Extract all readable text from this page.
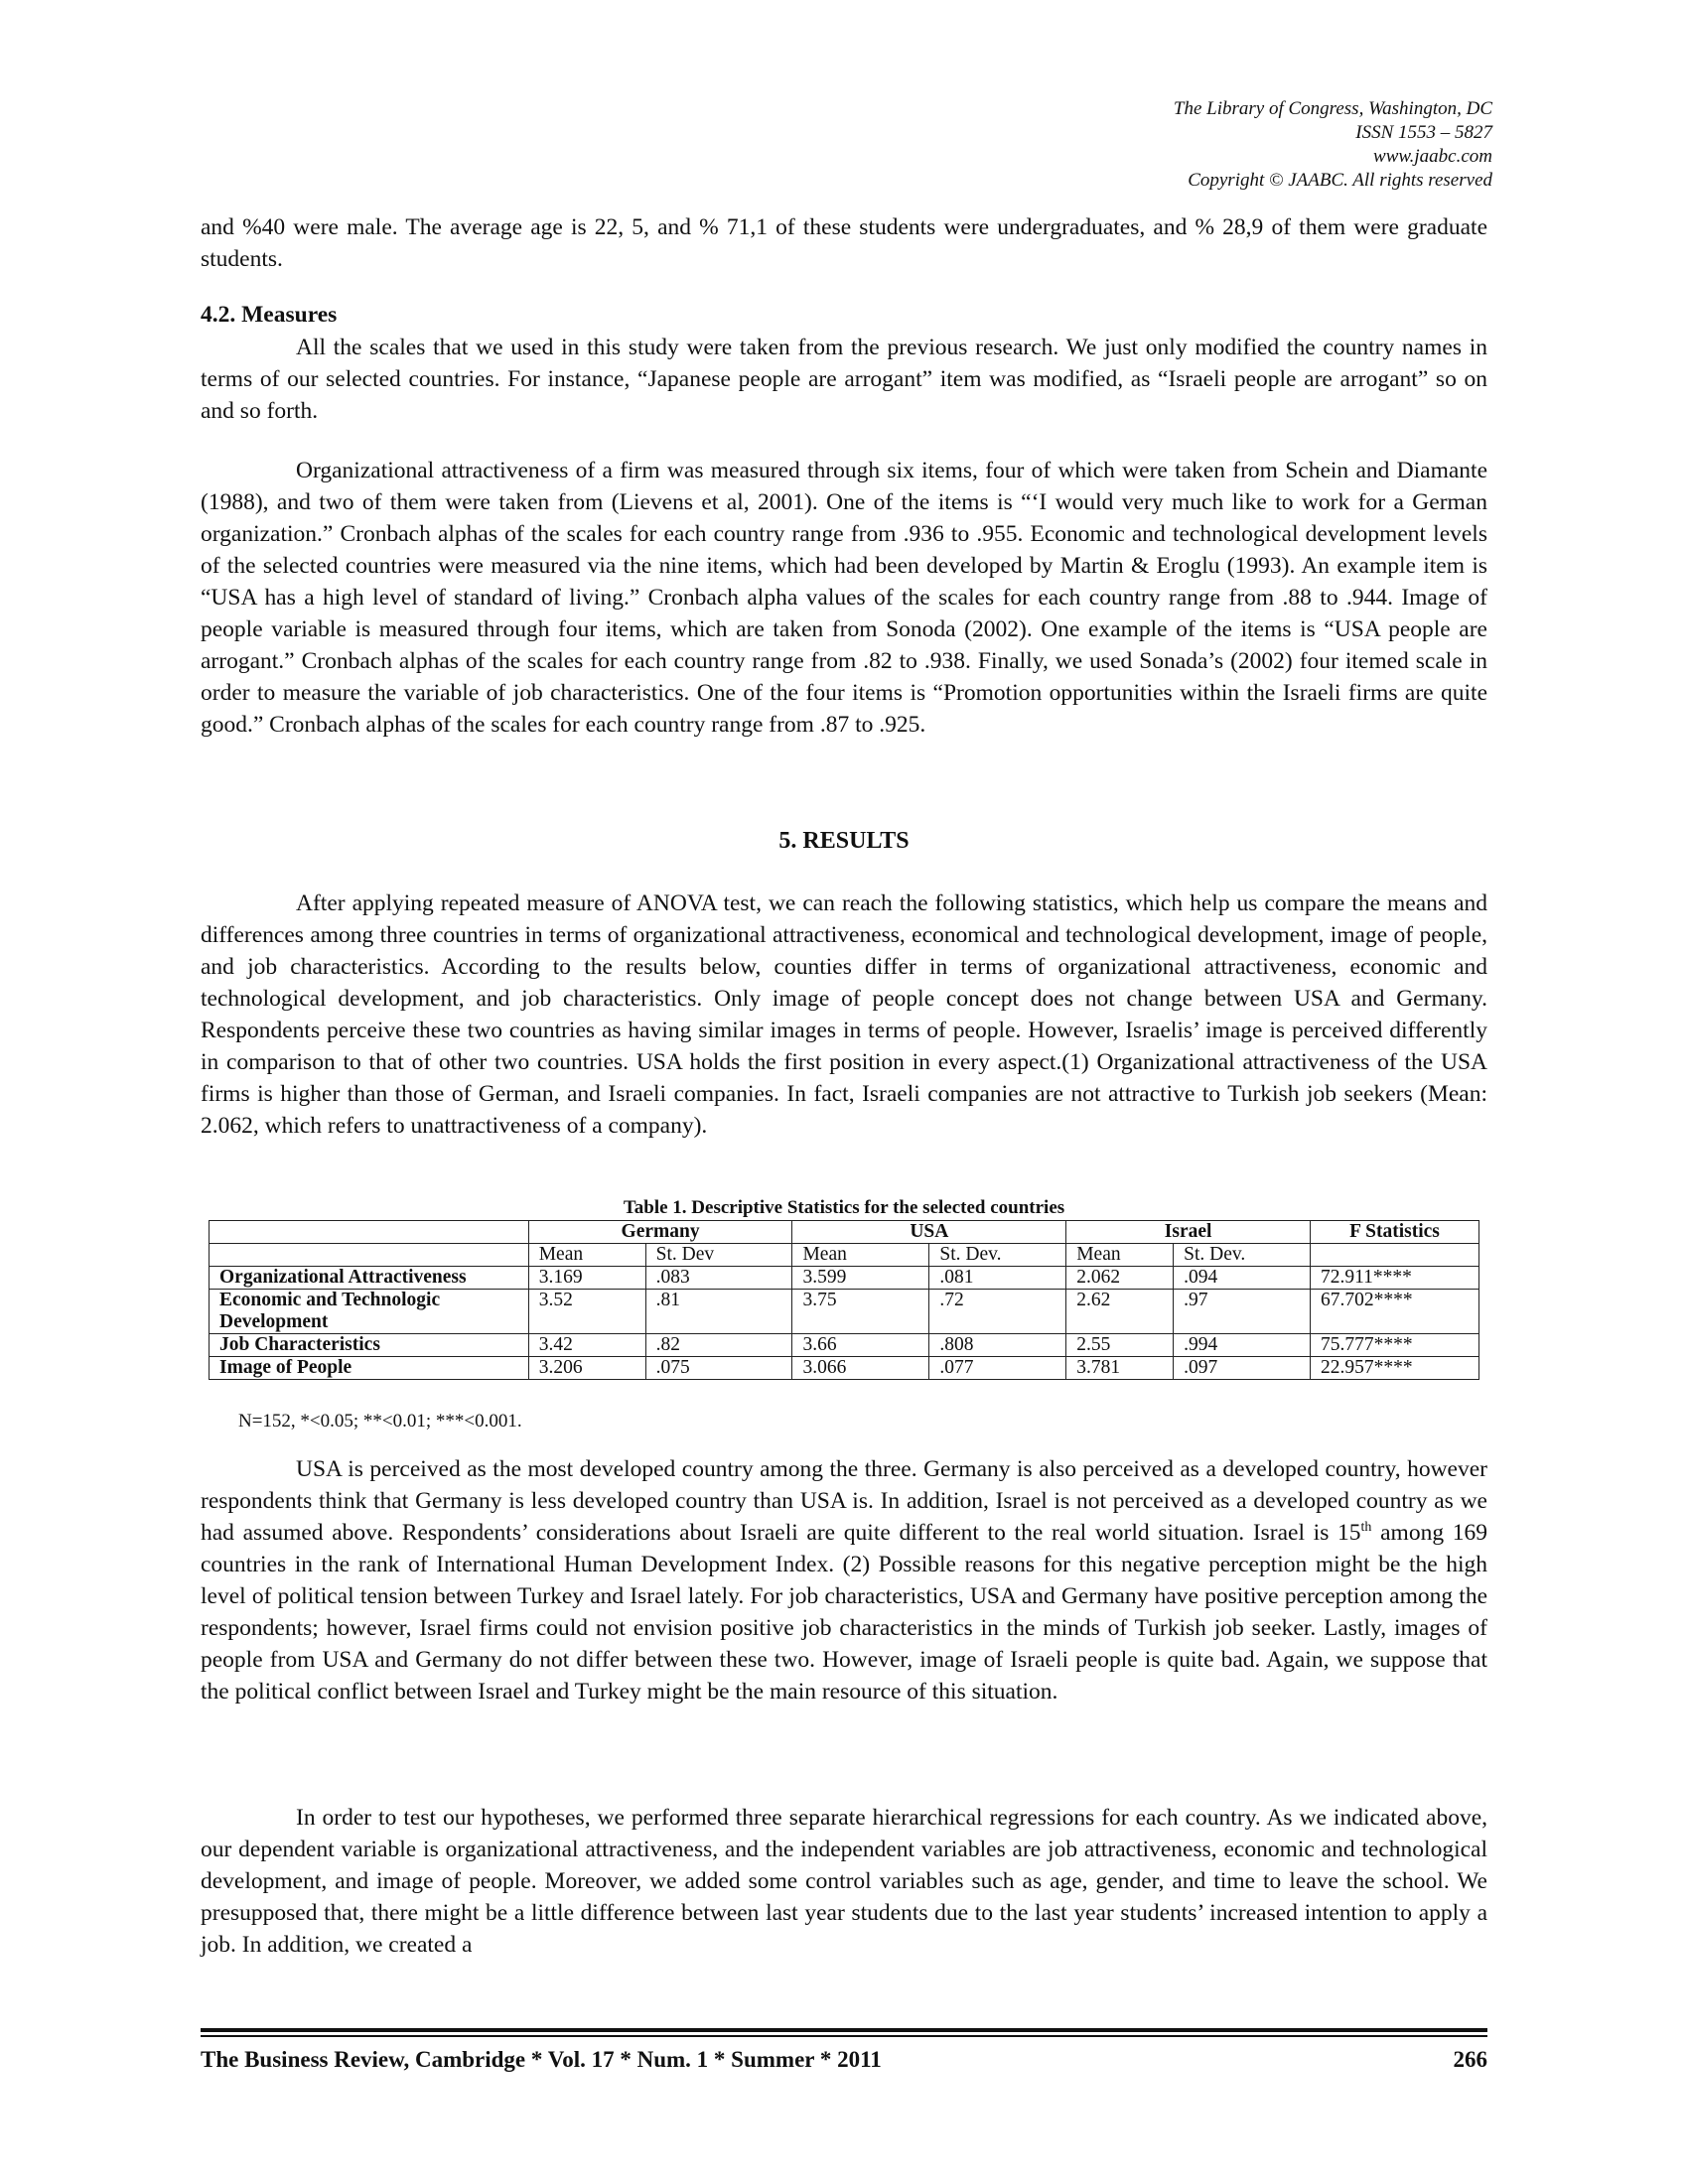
The Library of Congress, Washington, DC
ISSN 1553 – 5827
www.jaabc.com
Copyright © JAABC. All rights reserved

and %40 were male. The average age is 22, 5, and % 71,1 of these students were undergraduates, and % 28,9 of them were graduate students.

4.2. Measures

All the scales that we used in this study were taken from the previous research. We just only modified the country names in terms of our selected countries. For instance, “Japanese people are arrogant” item was modified, as “Israeli people are arrogant” so on and so forth.

Organizational attractiveness of a firm was measured through six items, four of which were taken from Schein and Diamante (1988), and two of them were taken from (Lievens et al, 2001). One of the items is “‘I would very much like to work for a German organization.” Cronbach alphas of the scales for each country range from .936 to .955. Economic and technological development levels of the selected countries were measured via the nine items, which had been developed by Martin & Eroglu (1993). An example item is “USA has a high level of standard of living.” Cronbach alpha values of the scales for each country range from .88 to .944. Image of people variable is measured through four items, which are taken from Sonoda (2002). One example of the items is “USA people are arrogant.” Cronbach alphas of the scales for each country range from .82 to .938. Finally, we used Sonada’s (2002) four itemed scale in order to measure the variable of job characteristics. One of the four items is “Promotion opportunities within the Israeli firms are quite good.” Cronbach alphas of the scales for each country range from .87 to .925.

5. RESULTS

After applying repeated measure of ANOVA test, we can reach the following statistics, which help us compare the means and differences among three countries in terms of organizational attractiveness, economical and technological development, image of people, and job characteristics. According to the results below, counties differ in terms of organizational attractiveness, economic and technological development, and job characteristics. Only image of people concept does not change between USA and Germany. Respondents perceive these two countries as having similar images in terms of people. However, Israelis’ image is perceived differently in comparison to that of other two countries. USA holds the first position in every aspect.(1) Organizational attractiveness of the USA firms is higher than those of German, and Israeli companies. In fact, Israeli companies are not attractive to Turkish job seekers (Mean: 2.062, which refers to unattractiveness of a company).

Table 1. Descriptive Statistics for the selected countries
	Germany		USA		Israel		F Statistics
	Mean	St. Dev	Mean	St. Dev.	Mean	St. Dev.	
Organizational Attractiveness	3.169	.083	3.599	.081	2.062	.094	72.911****
Economic and Technologic Development	3.52	.81	3.75	.72	2.62	.97	67.702****
Job Characteristics	3.42	.82	3.66	.808	2.55	.994	75.777****
Image of People	3.206	.075	3.066	.077	3.781	.097	22.957****
N=152, *<0.05; **<0.01; ***<0.001.

USA is perceived as the most developed country among the three. Germany is also perceived as a developed country, however respondents think that Germany is less developed country than USA is. In addition, Israel is not perceived as a developed country as we had assumed above. Respondents’ considerations about Israeli are quite different to the real world situation. Israel is 15th among 169 countries in the rank of International Human Development Index. (2) Possible reasons for this negative perception might be the high level of political tension between Turkey and Israel lately. For job characteristics, USA and Germany have positive perception among the respondents; however, Israel firms could not envision positive job characteristics in the minds of Turkish job seeker. Lastly, images of people from USA and Germany do not differ between these two. However, image of Israeli people is quite bad. Again, we suppose that the political conflict between Israel and Turkey might be the main resource of this situation.

In order to test our hypotheses, we performed three separate hierarchical regressions for each country. As we indicated above, our dependent variable is organizational attractiveness, and the independent variables are job attractiveness, economic and technological development, and image of people. Moreover, we added some control variables such as age, gender, and time to leave the school. We presupposed that, there might be a little difference between last year students due to the last year students’ increased intention to apply a job. In addition, we created a

The Business Review, Cambridge * Vol. 17 * Num. 1 * Summer * 2011	266
